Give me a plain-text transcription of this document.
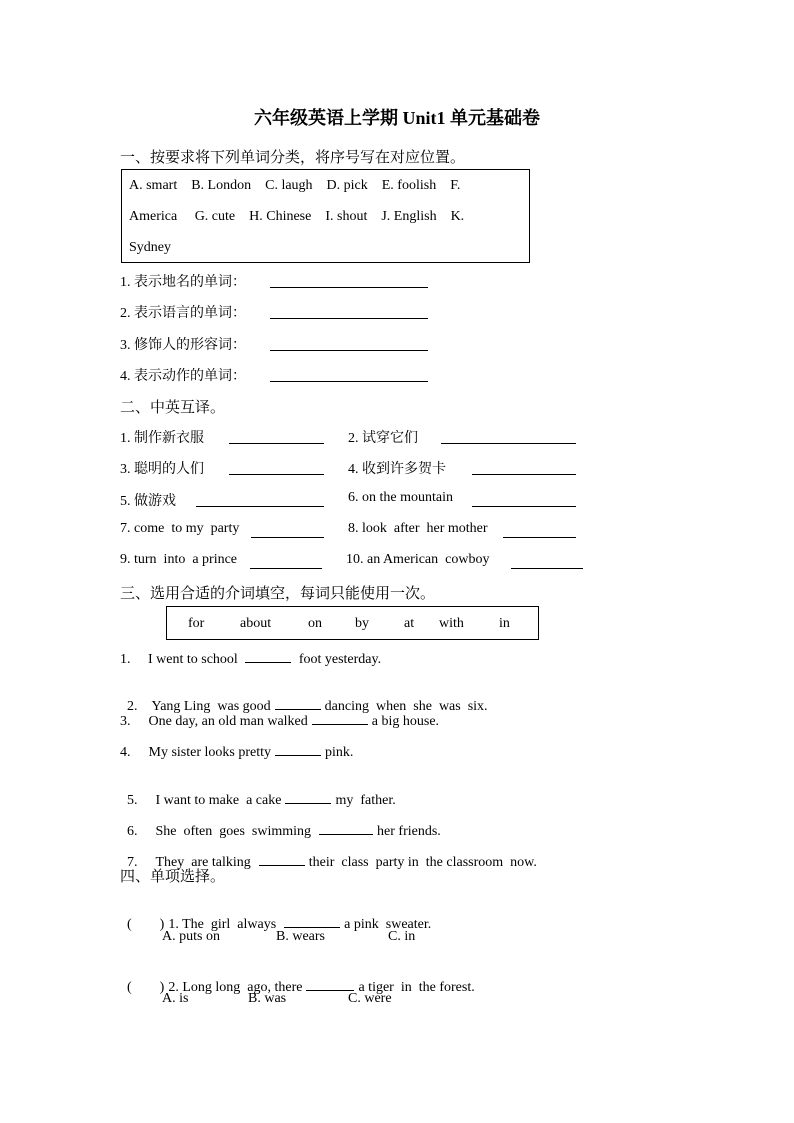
六年级英语上学期 Unit1 单元基础卷
一、按要求将下列单词分类，将序号写在对应位置。
A. smart    B. London    C. laugh    D. pick    E. foolish    F.
America     G. cute    H. Chinese    I. shout    J. English    K.
Sydney
1. 表示地名的单词：
2. 表示语言的单词：
3. 修饰人的形容词：
4. 表示动作的单词：
二、中英互译。
1. 制作新衣服	2. 试穿它们
3. 聪明的人们	4. 收到许多贺卡
5. 做游戏	6. on the mountain
7. come  to my  party	8. look  after  her mother
9. turn  into  a prince	10. an American  cowboy
三、选用合适的介词填空，每词只能使用一次。
for	about	on by	at with	in
1. I went to school	foot yesterday.

2. Yang Ling  was good	dancing  when  she  was  six.

3. One day, an old man walked	a big house.
4. My sister looks pretty	pink.

5. I want to make  a cake	my  father.

6. She  often  goes  swimming	her friends.

7. They  are talking	their  class  party in  the classroom  now.

四、单项选择。

(        ) 1. The  girl  always	a pink  sweater.

A. puts on	B. wears	C. in

(        ) 2. Long long  ago, there	a tiger  in  the forest.

A. is	B. was	C. were
